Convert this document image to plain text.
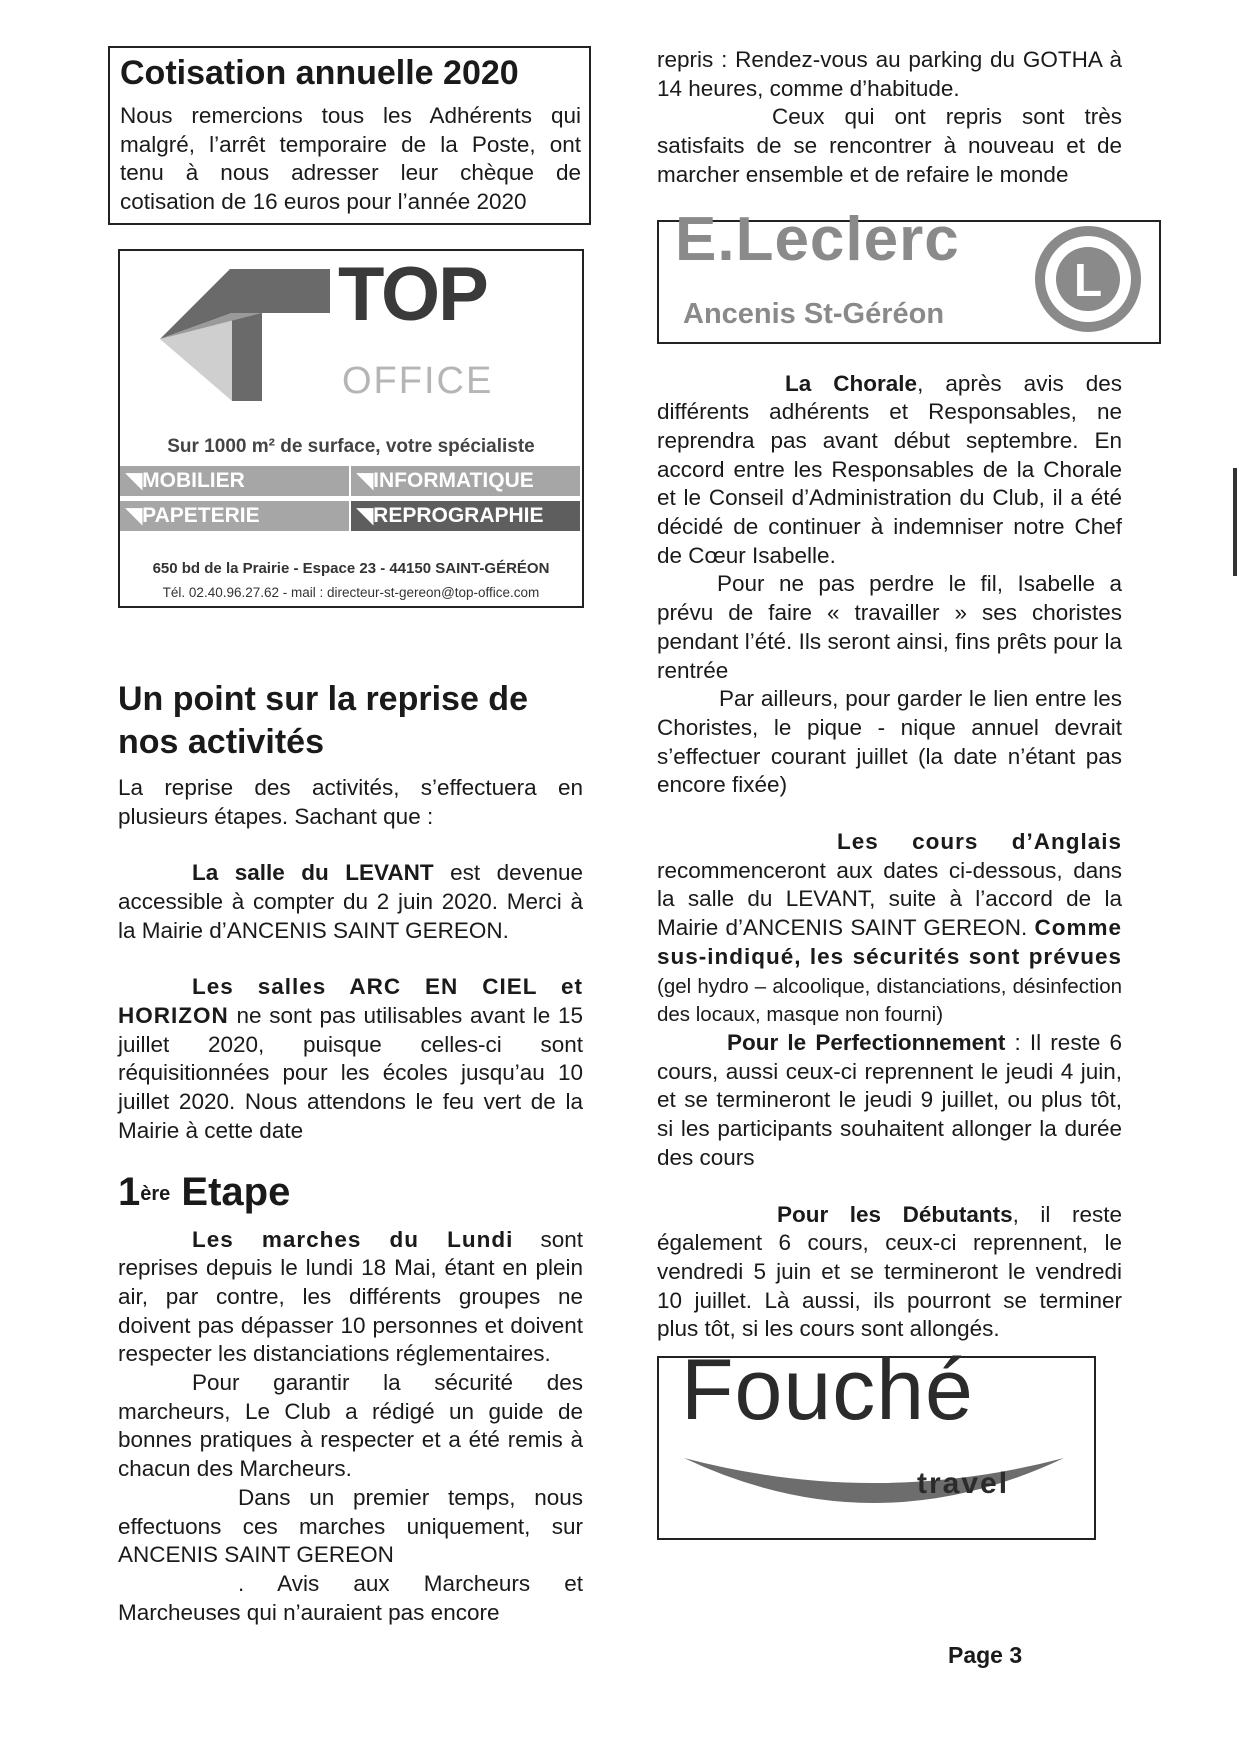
Cotisation annuelle 2020

Nous remercions tous les Adhérents qui malgré, l’arrêt temporaire de la Poste, ont tenu à nous adresser leur chèque de cotisation de 16 euros pour l’année 2020

TOP
OFFICE
Sur 1000 m² de surface, votre spécialiste
◥MOBILIER	◥INFORMATIQUE
◥PAPETERIE	◥REPROGRAPHIE
650 bd de la Prairie - Espace 23 - 44150 SAINT-GÉRÉON
Tél. 02.40.96.27.62 - mail : directeur-st-gereon@top-office.com
Un point sur la reprise de nos activités

La reprise des activités, s’effectuera en plusieurs étapes. Sachant que :

La salle du LEVANT est devenue accessible à compter du 2 juin 2020. Merci à la Mairie d’ANCENIS SAINT GEREON.

Les salles ARC EN CIEL et HORIZON ne sont pas utilisables avant le 15 juillet 2020, puisque celles-ci sont réquisitionnées pour les écoles jusqu’au 10 juillet 2020. Nous attendons le feu vert de la Mairie à cette date

1ère Etape

Les marches du Lundi sont reprises depuis le lundi 18 Mai, étant en plein air, par contre, les différents groupes ne doivent pas dépasser 10 personnes et doivent respecter les distanciations réglementaires.

Pour garantir la sécurité des marcheurs, Le Club a rédigé un guide de bonnes pratiques à respecter et a été remis à chacun des Marcheurs.

Dans un premier temps, nous effectuons ces marches uniquement, sur ANCENIS SAINT GEREON

. Avis aux Marcheurs et Marcheuses qui n’auraient pas encore

repris : Rendez-vous au parking du GOTHA à 14 heures, comme d’habitude.

Ceux qui ont repris sont très satisfaits de se rencontrer à nouveau et de marcher ensemble et de refaire le monde

E.Leclerc
Ancenis St-Géréon
L

La Chorale, après avis des différents adhérents et Responsables, ne reprendra pas avant début septembre. En accord entre les Responsables de la Chorale et le Conseil d’Administration du Club, il a été décidé de continuer à indemniser notre Chef de Cœur Isabelle.

Pour ne pas perdre le fil, Isabelle a prévu de faire « travailler » ses choristes pendant l’été. Ils seront ainsi, fins prêts pour la rentrée

Par ailleurs, pour garder le lien entre les Choristes, le pique - nique annuel devrait s’effectuer courant juillet (la date n’étant pas encore fixée)

Les cours d’Anglais recommenceront aux dates ci-dessous, dans la salle du LEVANT, suite à l’accord de la Mairie d’ANCENIS SAINT GEREON. Comme sus-indiqué, les sécurités sont prévues (gel hydro – alcoolique, distanciations, désinfection des locaux, masque non fourni)

Pour le Perfectionnement : Il reste 6 cours, aussi ceux-ci reprennent le jeudi 4 juin, et se termineront le jeudi 9 juillet, ou plus tôt, si les participants souhaitent allonger la durée des cours

Pour les Débutants, il reste également 6 cours, ceux-ci reprennent, le vendredi 5 juin et se termineront le vendredi 10 juillet. Là aussi, ils pourront se terminer plus tôt, si les cours sont allongés.

Fouché
travel
Page 3
